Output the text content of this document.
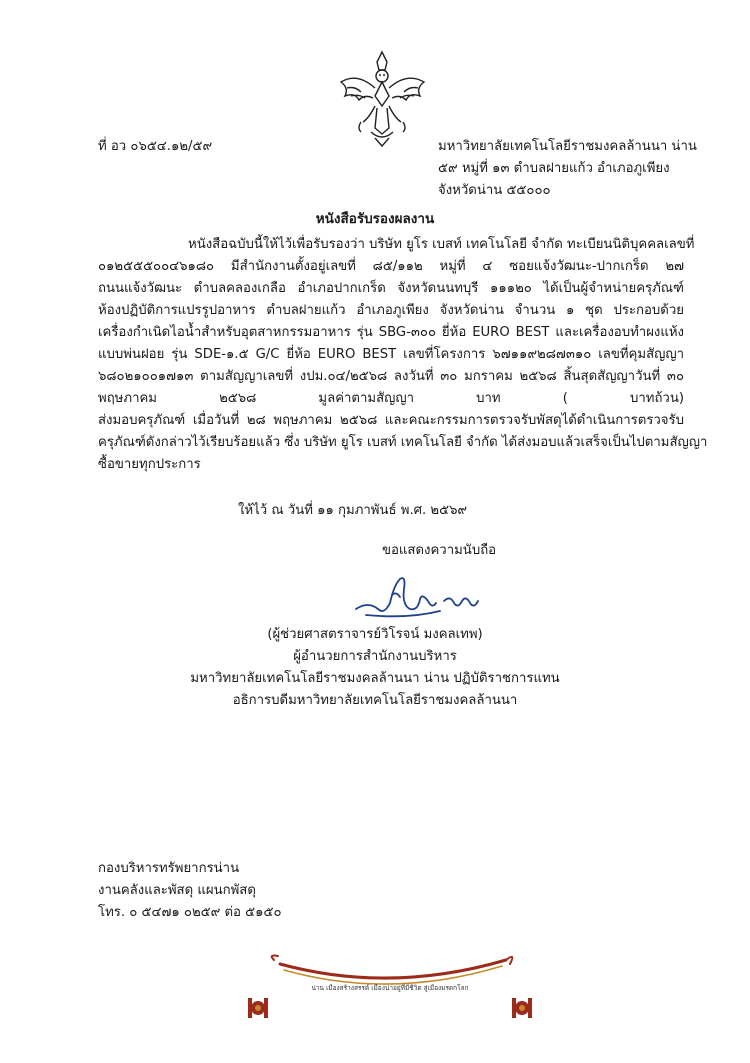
ที่ อว ๐๖๕๔.๑๒/๕๙	มหาวิทยาลัยเทคโนโลยีราชมงคลล้านนา น่าน
๕๙ หมู่ที่ ๑๓ ตำบลฝายแก้ว อำเภอภูเพียง
จังหวัดน่าน ๕๕๐๐๐
หนังสือรับรองผลงาน
หนังสือฉบับนี้ให้ไว้เพื่อรับรองว่า บริษัท ยูโร เบสท์ เทคโนโลยี จำกัด ทะเบียนนิติบุคคลเลขที่
๐๑๒๕๕๕๐๐๔๖๑๘๐ มีสำนักงานตั้งอยู่เลขที่ ๘๕/๑๑๒ หมู่ที่ ๔ ซอยแจ้งวัฒนะ-ปากเกร็ด ๒๗
ถนนแจ้งวัฒนะ ตำบลคลองเกลือ อำเภอปากเกร็ด จังหวัดนนทบุรี ๑๑๑๒๐ ได้เป็นผู้จำหน่ายครุภัณฑ์
ห้องปฏิบัติการแปรรูปอาหาร ตำบลฝายแก้ว อำเภอภูเพียง จังหวัดน่าน จำนวน ๑ ชุด ประกอบด้วย
เครื่องกำเนิดไอน้ำสำหรับอุตสาหกรรมอาหาร รุ่น SBG-๓๐๐ ยี่ห้อ EURO BEST และเครื่องอบทำผงแห้ง
แบบพ่นฝอย รุ่น SDE-๑.๕ G/C ยี่ห้อ EURO BEST เลขที่โครงการ ๖๗๑๑๙๒๘๗๓๑๐ เลขที่คุมสัญญา
๖๘๐๒๑๐๐๑๗๑๓ ตามสัญญาเลขที่ งปม.๐๔/๒๕๖๘ ลงวันที่ ๓๐ มกราคม ๒๕๖๘ สิ้นสุดสัญญาวันที่ ๓๐
พฤษภาคม ๒๕๖๘ มูลค่าตามสัญญา บาท ( บาทถ้วน)
ส่งมอบครุภัณฑ์ เมื่อวันที่ ๒๘ พฤษภาคม ๒๕๖๘ และคณะกรรมการตรวจรับพัสดุได้ดำเนินการตรวจรับ
ครุภัณฑ์ดังกล่าวไว้เรียบร้อยแล้ว ซึ่ง บริษัท ยูโร เบสท์ เทคโนโลยี จำกัด ได้ส่งมอบแล้วเสร็จเป็นไปตามสัญญา
ซื้อขายทุกประการ
ให้ไว้ ณ วันที่ ๑๑ กุมภาพันธ์ พ.ศ. ๒๕๖๙
ขอแสดงความนับถือ
(ผู้ช่วยศาสตราจารย์วิโรจน์ มงคลเทพ)
ผู้อำนวยการสำนักงานบริหาร
มหาวิทยาลัยเทคโนโลยีราชมงคลล้านนา น่าน ปฏิบัติราชการแทน
อธิการบดีมหาวิทยาลัยเทคโนโลยีราชมงคลล้านนา
กองบริหารทรัพยากรน่าน
งานคลังและพัสดุ แผนกพัสดุ
โทร. ๐ ๕๔๗๑ ๐๒๕๙ ต่อ ๕๑๕๐
น่าน เมืองสร้างสรรค์ เมืองน่าอยู่ที่มีชีวิต สู่เมืองมรดกโลก
